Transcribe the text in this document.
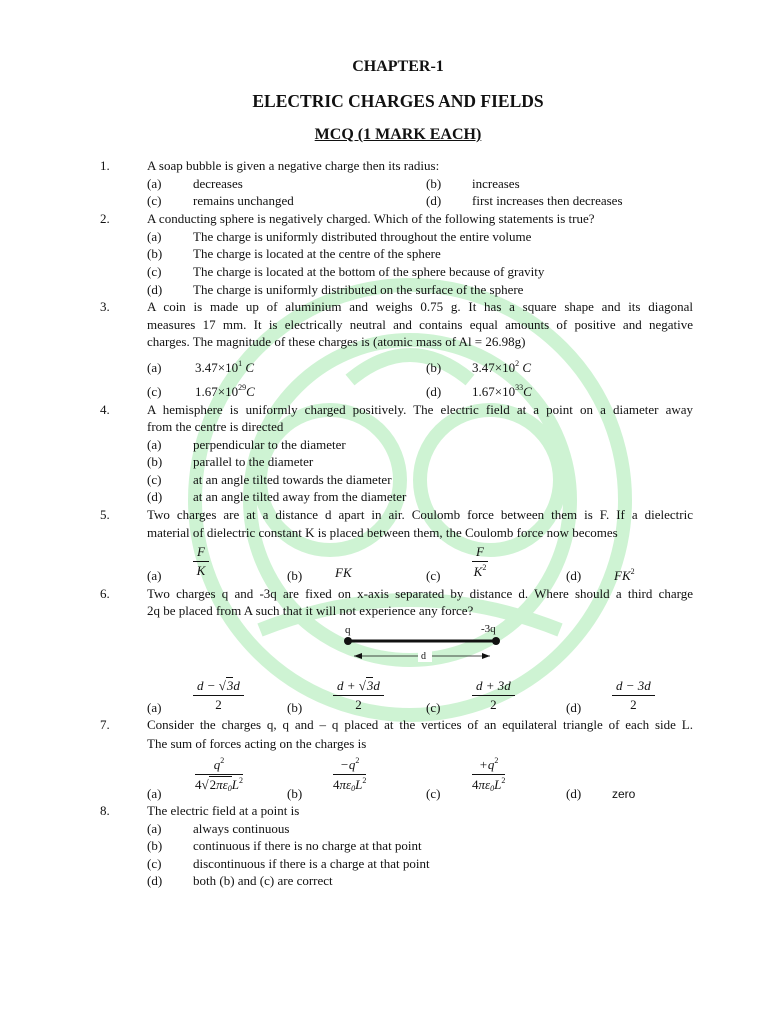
CHAPTER-1
ELECTRIC CHARGES AND FIELDS
MCQ (1 MARK EACH)
1.	A soap bubble is given a negative charge then its radius:
(a) decreases	(b) increases
(c) remains unchanged	(d) first increases then decreases
2.	A conducting sphere is negatively charged. Which of the following statements is true?
(a) The charge is uniformly distributed throughout the entire volume
(b) The charge is located at the centre of the sphere
(c) The charge is located at the bottom of the sphere because of gravity
(d) The charge is uniformly distributed on the surface of the sphere
3.	A coin is made up of aluminium and weighs 0.75 g. It has a square shape and its diagonal
measures 17 mm. It is electrically neutral and contains equal amounts of positive and negative
charges. The magnitude of these charges is (atomic mass of Al = 26.98g)
(a)	$3.47\times 10^1$ C	(b) $3.47\times 10^2$ C
(c)	$1.67\times 10^{29}C$	(d) $1.67\times 10^{33}C$
4.	A hemisphere is uniformly charged positively. The electric field at a point on a diameter away
from the centre is directed
(a) perpendicular to the diameter
(b) parallel to the diameter
(c) at an angle tilted towards the diameter
(d) at an angle tilted away from the diameter
5.	Two charges are at a distance d apart in air. Coulomb force between them is F. If a dielectric
material of dielectric constant K is placed between them, the Coulomb force now becomes
(a)
F
K	(b)	FK	(c)
F
$K^2$
(d)	$FK^2$
6.	Two charges q and -3q are fixed on x-axis separated by distance d. Where should a third charge
2q be placed from A such that it will not experience any force?
q	-3q
d
(a)
d − √3d
2	(b)
d + √3d
2	(c)
d + 3d
2	(d)
d − 3d
2
7.	Consider the charges q, q and – q placed at the vertices of an equilateral triangle of each side L.
The sum of forces acting on the charges is
(a)
$q^2$
$4√2\pi\varepsilon_0L^2$
(b)
$-q^2$
$4\pi\varepsilon_0L^2$
(c)
$+q^2$
$4\pi\varepsilon_0L^2$
(d)	zero
8.	The electric field at a point is
(a) always continuous
(b) continuous if there is no charge at that point
(c) discontinuous if there is a charge at that point
(d) both (b) and (c) are correct
